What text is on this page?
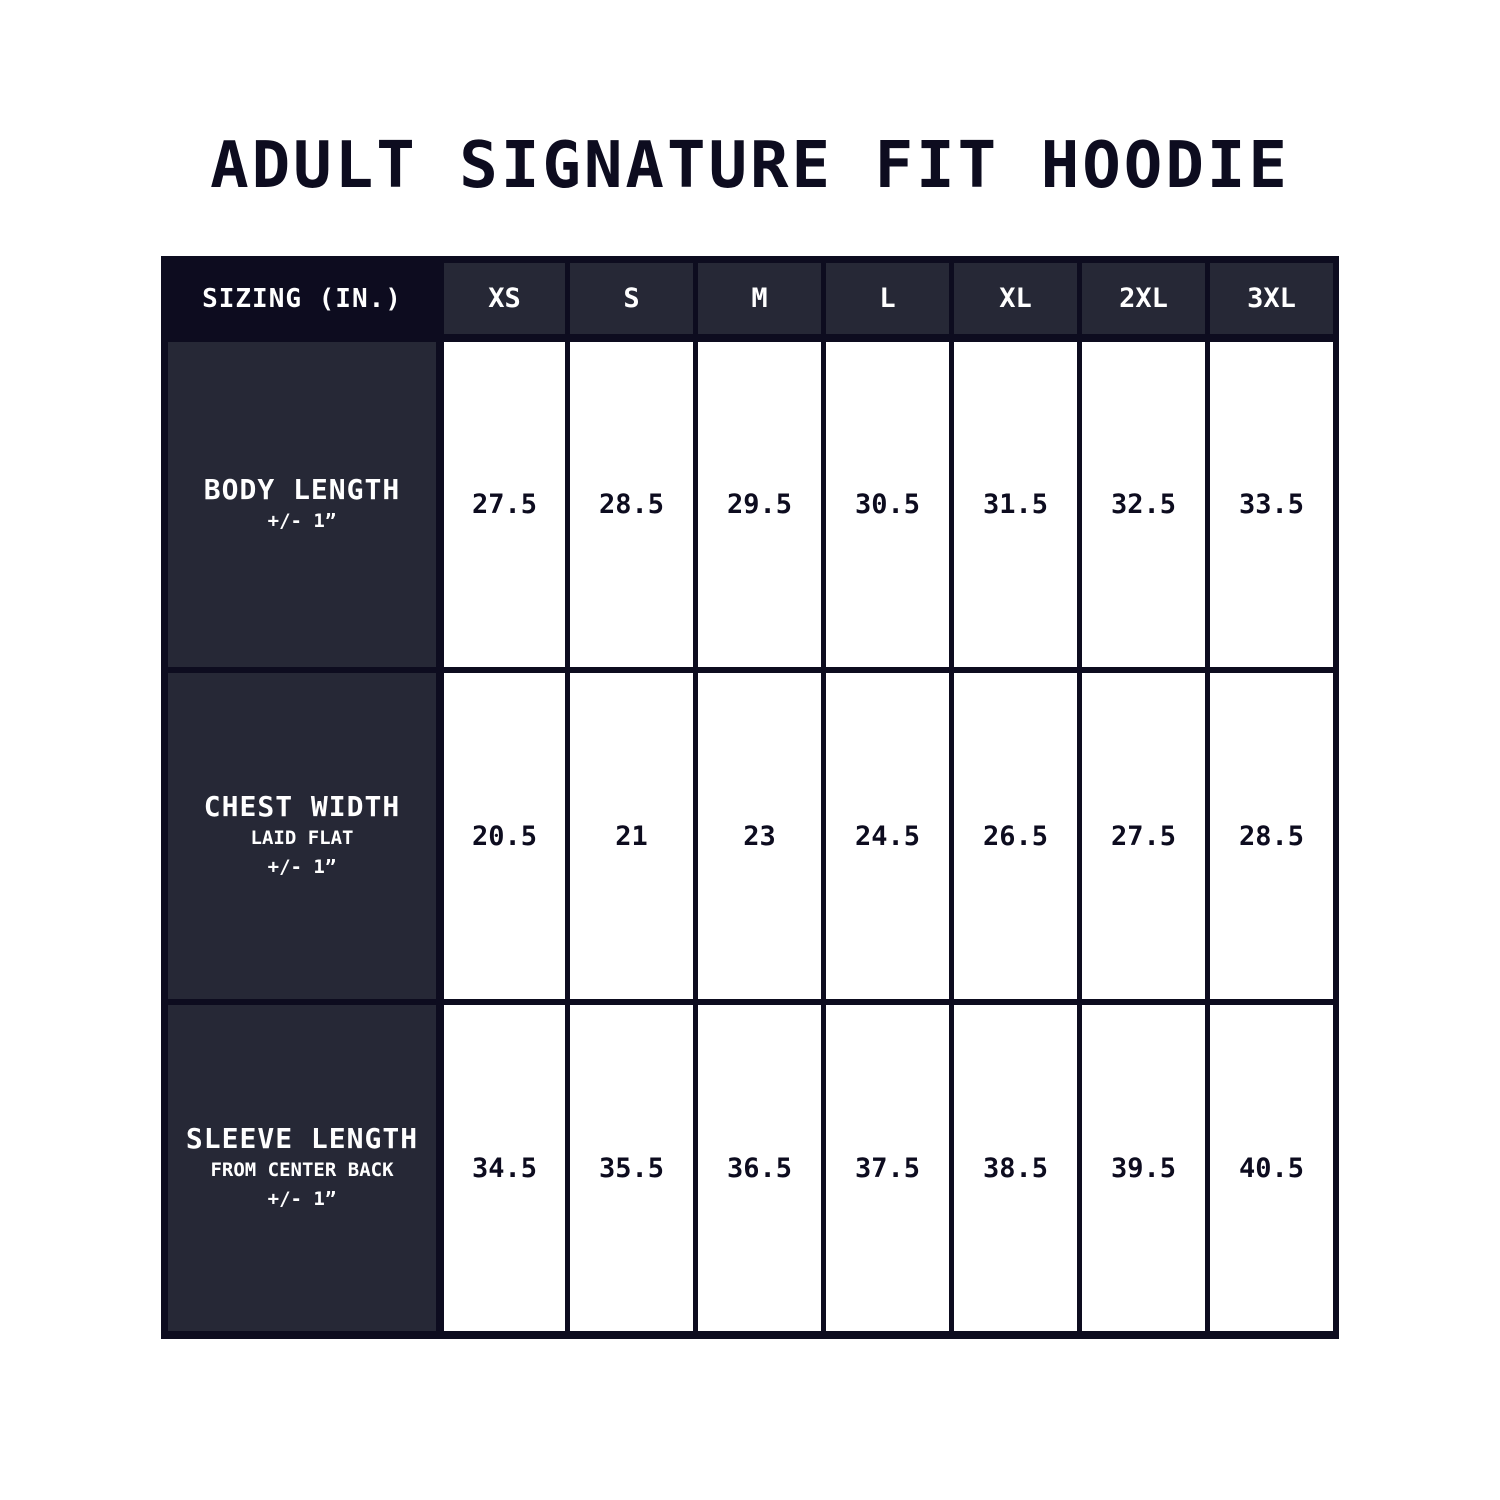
ADULT SIGNATURE FIT HOODIE
SIZING (IN.)	XS	S	M	L	XL	2XL	3XL
BODY LENGTH
+/- 1”
27.5 28.5 29.5 30.5 31.5 32.5 33.5
CHEST WIDTH
LAID FLAT
+/- 1”
20.5	21	23	24.5 26.5 27.5 28.5
SLEEVE LENGTH
FROM CENTER BACK
+/- 1”
34.5 35.5 36.5 37.5 38.5 39.5 40.5
